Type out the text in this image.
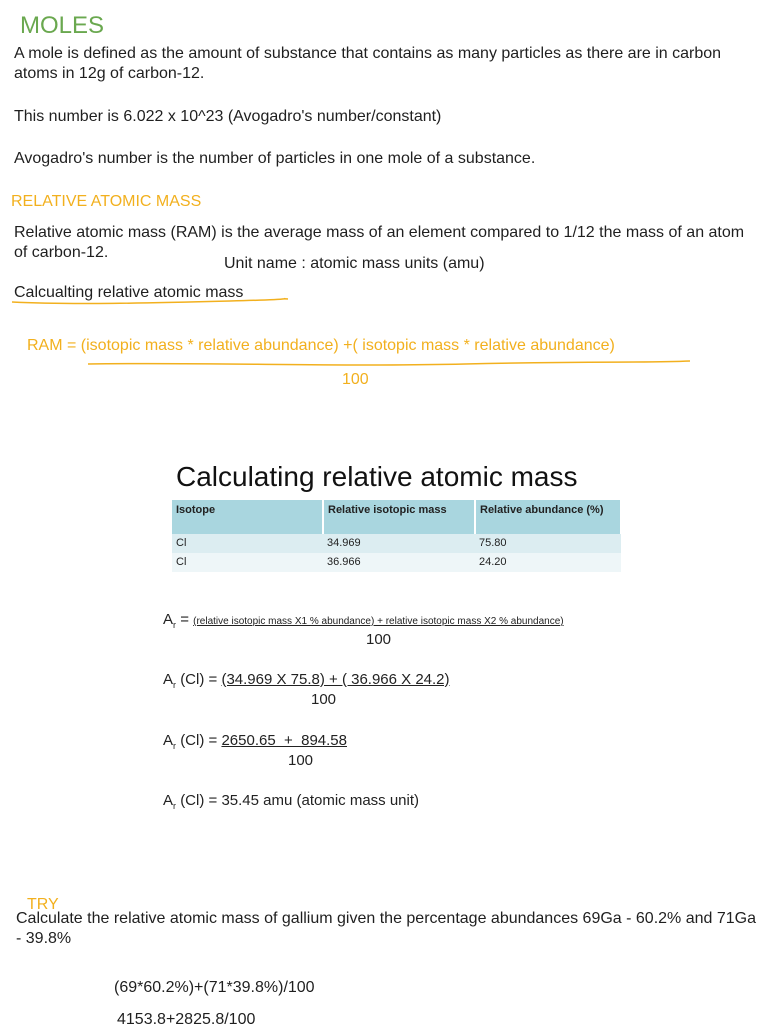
MOLES
A mole is defined as the amount of substance that contains as many particles as there are in carbon atoms in 12g of carbon-12.
This number is 6.022 x 10^23 (Avogadro's number/constant)
Avogadro's number is the number of particles in one mole of a substance.
RELATIVE ATOMIC MASS
Relative atomic mass (RAM) is the average mass of an element compared to 1/12 the mass of an atom of carbon-12.
Unit name : atomic mass units (amu)
Calcualting relative atomic mass
RAM = (isotopic mass * relative abundance) +( isotopic mass * relative abundance)
100
Calculating relative atomic mass
Isotope	Relative isotopic mass	Relative abundance (%)
Cl	34.969	75.80
Cl	36.966	24.20
$A_r$ = (relative isotopic mass X1 % abundance) + relative isotopic mass X2 % abundance)
100
$A_r$ (Cl) = (34.969 X 75.8) + ( 36.966 X 24.2)
100
$A_r$ (Cl) = 2650.65  +  894.58
100
$A_r$ (Cl) = 35.45 amu (atomic mass unit)
TRY
Calculate the relative atomic mass of gallium given the percentage abundances 69Ga - 60.2% and 71Ga - 39.8%
(69*60.2%)+(71*39.8%)/100
4153.8+2825.8/100
